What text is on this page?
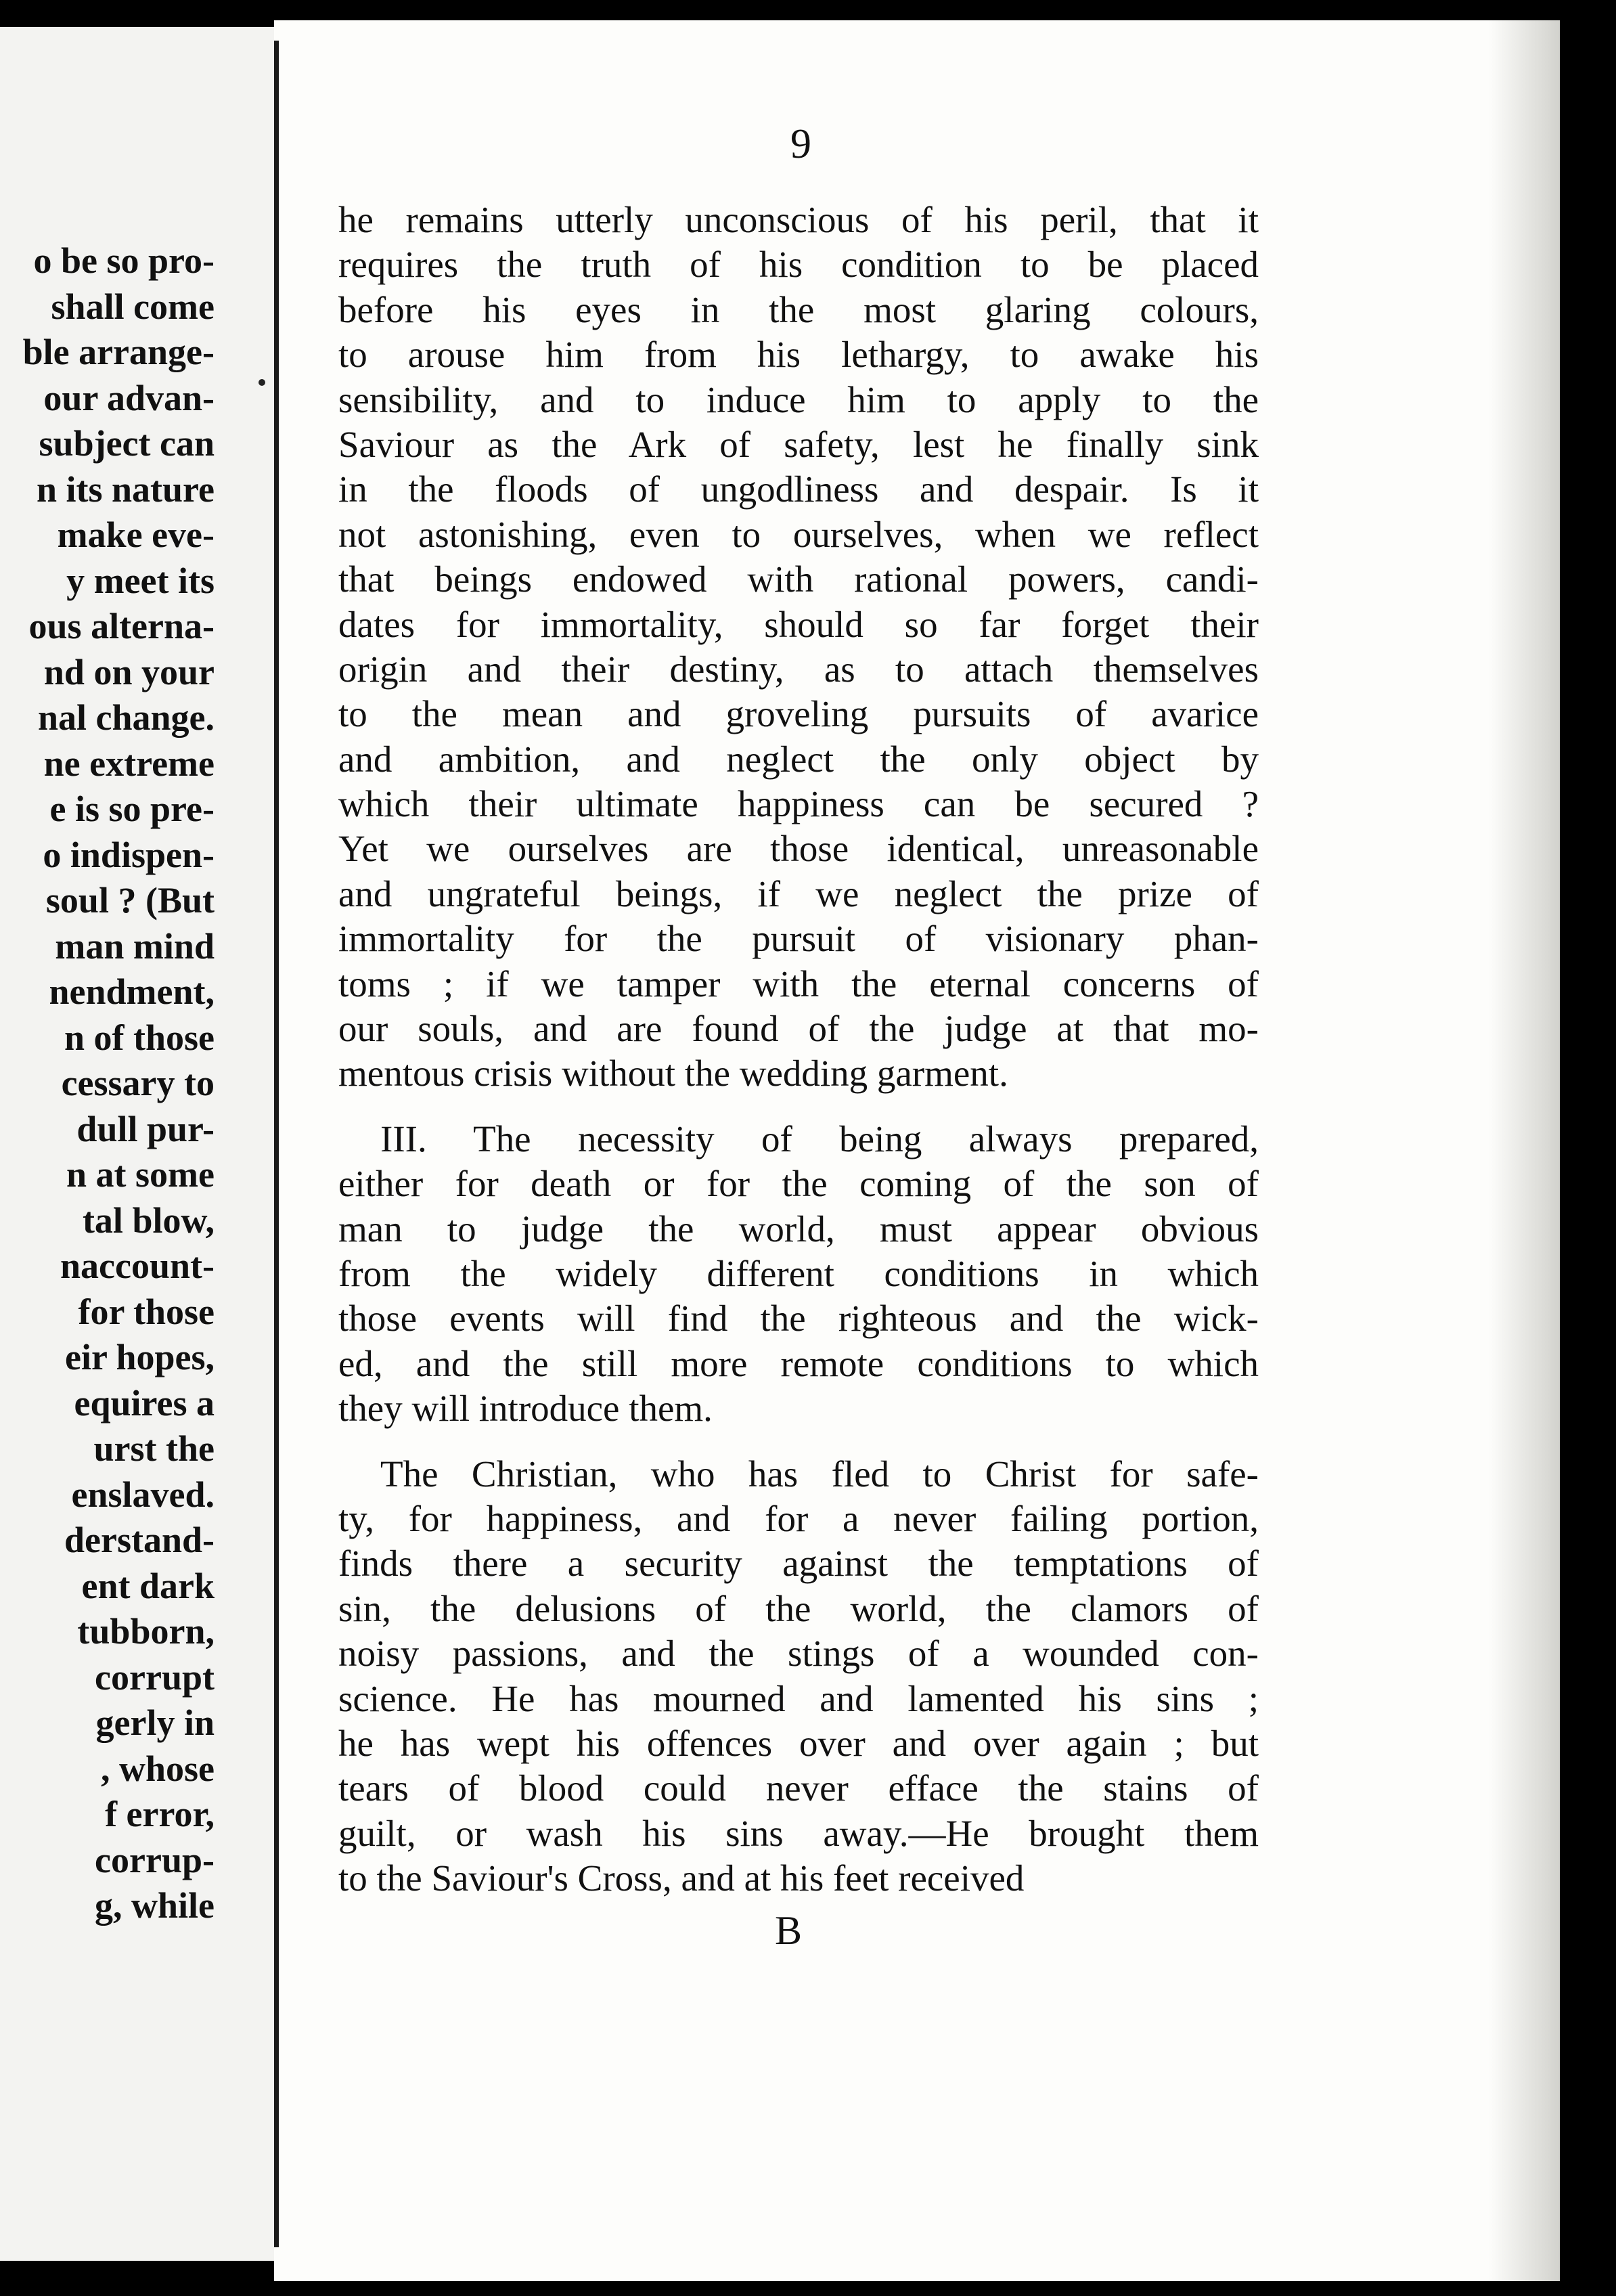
o be so pro-
shall come
ble arrange-
our advan-
subject can
n its nature
make eve-
y meet its
ous alterna-
nd on your
nal change.
ne extreme
e is so pre-
o indispen-
soul ? (But
man mind
nendment,
n of those
cessary to
dull pur-
n at some
tal blow,
naccount-
for those
eir hopes,
equires a
urst the
enslaved.
derstand-
ent dark
tubborn,
corrupt
gerly in
, whose
f error,
corrup-
g, while
9
he remains utterly unconscious of his peril, that it
requires the truth of his condition to be placed
before his eyes in the most glaring colours,
to arouse him from his lethargy, to awake his
sensibility, and to induce him to apply to the
Saviour as the Ark of safety, lest he finally sink
in the floods of ungodliness and despair. Is it
not astonishing, even to ourselves, when we reflect
that beings endowed with rational powers, candi-
dates for immortality, should so far forget their
origin and their destiny, as to attach themselves
to the mean and groveling pursuits of avarice
and ambition, and neglect the only object by
which their ultimate happiness can be secured ?
Yet we ourselves are those identical, unreasonable
and ungrateful beings, if we neglect the prize of
immortality for the pursuit of visionary phan-
toms ; if we tamper with the eternal concerns of
our souls, and are found of the judge at that mo-
mentous crisis without the wedding garment.
III. The necessity of being always prepared,
either for death or for the coming of the son of
man to judge the world, must appear obvious
from the widely different conditions in which
those events will find the righteous and the wick-
ed, and the still more remote conditions to which
they will introduce them.
The Christian, who has fled to Christ for safe-
ty, for happiness, and for a never failing portion,
finds there a security against the temptations of
sin, the delusions of the world, the clamors of
noisy passions, and the stings of a wounded con-
science. He has mourned and lamented his sins ;
he has wept his offences over and over again ; but
tears of blood could never efface the stains of
guilt, or wash his sins away.—He brought them
to the Saviour's Cross, and at his feet received
B
